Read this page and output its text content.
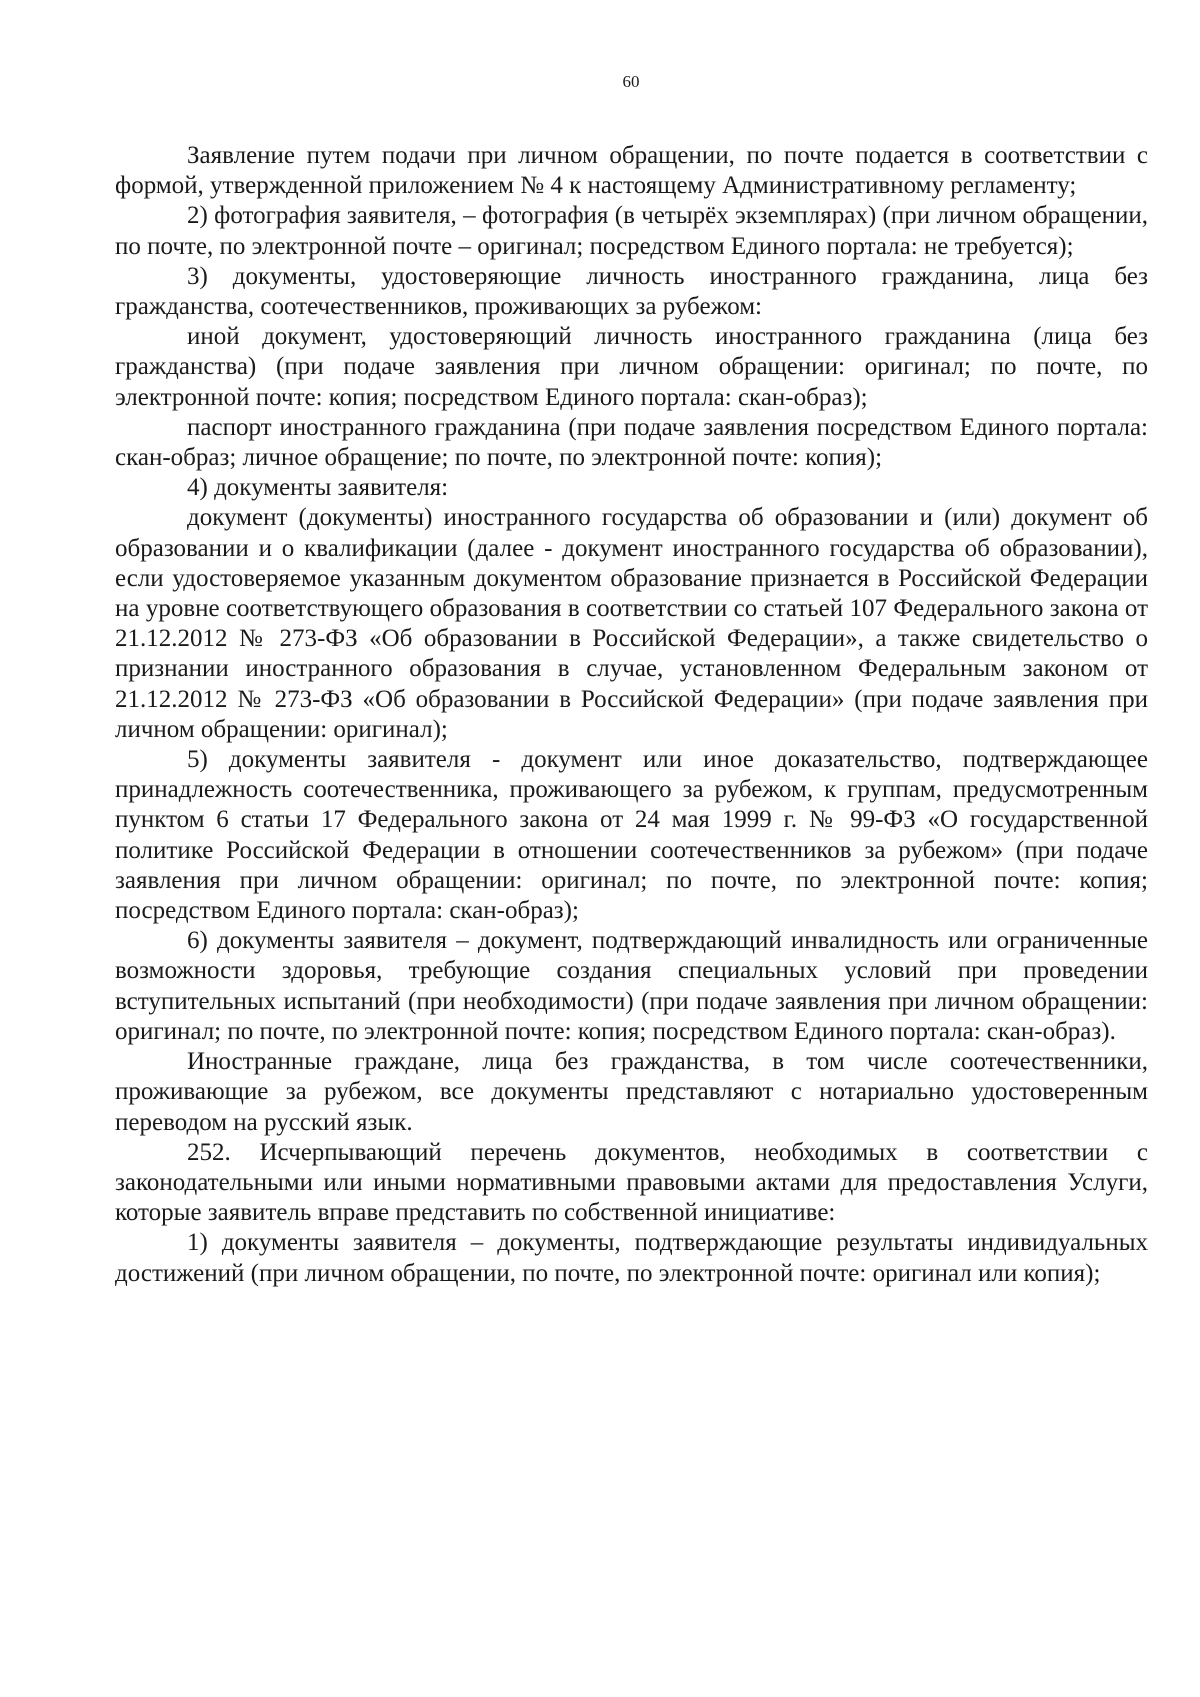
60

Заявление путем подачи при личном обращении, по почте подается в соответствии с формой, утвержденной приложением № 4 к настоящему Административному регламенту;

2) фотография заявителя, – фотография (в четырёх экземплярах) (при личном обращении, по почте, по электронной почте – оригинал; посредством Единого портала: не требуется);

3) документы, удостоверяющие личность иностранного гражданина, лица без гражданства, соотечественников, проживающих за рубежом:

иной документ, удостоверяющий личность иностранного гражданина (лица без гражданства) (при подаче заявления при личном обращении: оригинал; по почте, по электронной почте: копия; посредством Единого портала: скан-образ);

паспорт иностранного гражданина (при подаче заявления посредством Единого портала: скан-образ; личное обращение; по почте, по электронной почте: копия);

4) документы заявителя:

документ (документы) иностранного государства об образовании и (или) документ об образовании и о квалификации (далее - документ иностранного государства об образовании), если удостоверяемое указанным документом образование признается в Российской Федерации на уровне соответствующего образования в соответствии со статьей 107 Федерального закона от 21.12.2012 № 273-ФЗ «Об образовании в Российской Федерации», а также свидетельство о признании иностранного образования в случае, установленном Федеральным законом от 21.12.2012 № 273-ФЗ «Об образовании в Российской Федерации» (при подаче заявления при личном обращении: оригинал);

5) документы заявителя - документ или иное доказательство, подтверждающее принадлежность соотечественника, проживающего за рубежом, к группам, предусмотренным пунктом 6 статьи 17 Федерального закона от 24 мая 1999 г. № 99-ФЗ «О государственной политике Российской Федерации в отношении соотечественников за рубежом» (при подаче заявления при личном обращении: оригинал; по почте, по электронной почте: копия; посредством Единого портала: скан-образ);

6) документы заявителя – документ, подтверждающий инвалидность или ограниченные возможности здоровья, требующие создания специальных условий при проведении вступительных испытаний (при необходимости) (при подаче заявления при личном обращении: оригинал; по почте, по электронной почте: копия; посредством Единого портала: скан-образ).

Иностранные граждане, лица без гражданства, в том числе соотечественники, проживающие за рубежом, все документы представляют с нотариально удостоверенным переводом на русский язык.

252. Исчерпывающий перечень документов, необходимых в соответствии с законодательными или иными нормативными правовыми актами для предоставления Услуги, которые заявитель вправе представить по собственной инициативе:

1) документы заявителя – документы, подтверждающие результаты индивидуальных достижений (при личном обращении, по почте, по электронной почте: оригинал или копия);
